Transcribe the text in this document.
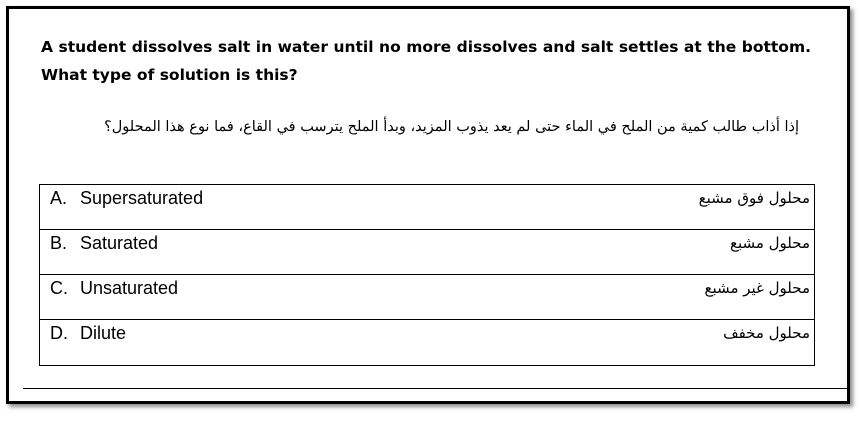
A student dissolves salt in water until no more dissolves and salt settles at the bottom. What type of solution is this?
إذا أذاب طالب كمية من الملح في الماء حتى لم يعد يذوب المزيد، وبدأ الملح يترسب في القاع، فما نوع هذا المحلول؟
A. Supersaturated	محلول فوق مشبع
B. Saturated	محلول مشبع
C. Unsaturated	محلول غير مشبع
D. Dilute	محلول مخفف
